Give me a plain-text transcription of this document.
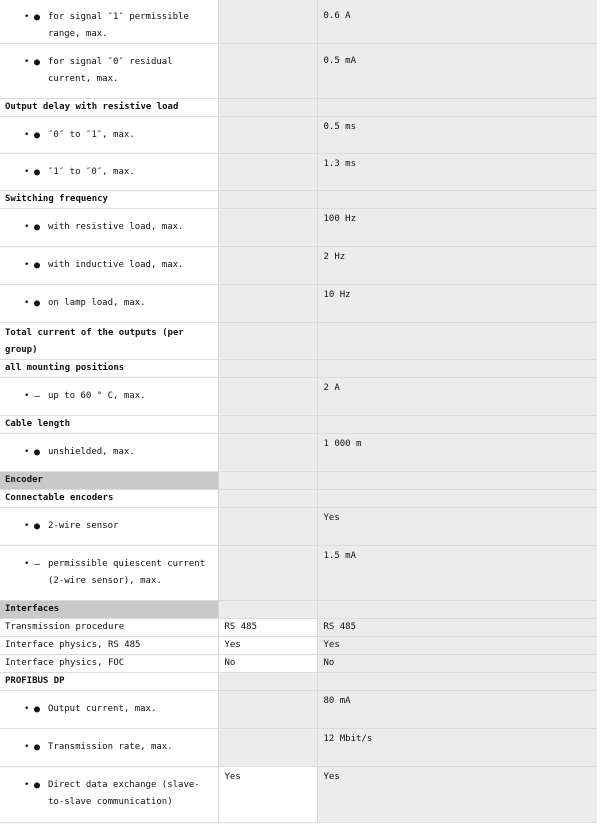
•
● for signal ″1″ permissible range, max.		0.6 A

•
● for signal ″0″ residual current, max.		0.5 mA
Output delay with resistive load		

•
● ″0″ to ″1″, max.		0.5 ms

•
● ″1″ to ″0″, max.		1.3 ms
Switching frequency		

•
● with resistive load, max.		100 Hz

•
● with inductive load, max.		2 Hz

•
● on lamp load, max.		10 Hz
Total current of the outputs (per group)		
all mounting positions		

•
— up to 60 ° C, max.		2 A
Cable length		

•
● unshielded, max.		1 000 m
Encoder		
Connectable encoders		

•
● 2-wire sensor		Yes

•
— permissible quiescent current (2-wire sensor), max.		1.5 mA
Interfaces		
Transmission procedure	RS 485	RS 485
Interface physics, RS 485	Yes	Yes
Interface physics, FOC	No	No
PROFIBUS DP		

•
● Output current, max.		80 mA

•
● Transmission rate, max.		12 Mbit/s

•
● Direct data exchange (slave-to-slave communication)	Yes	Yes
